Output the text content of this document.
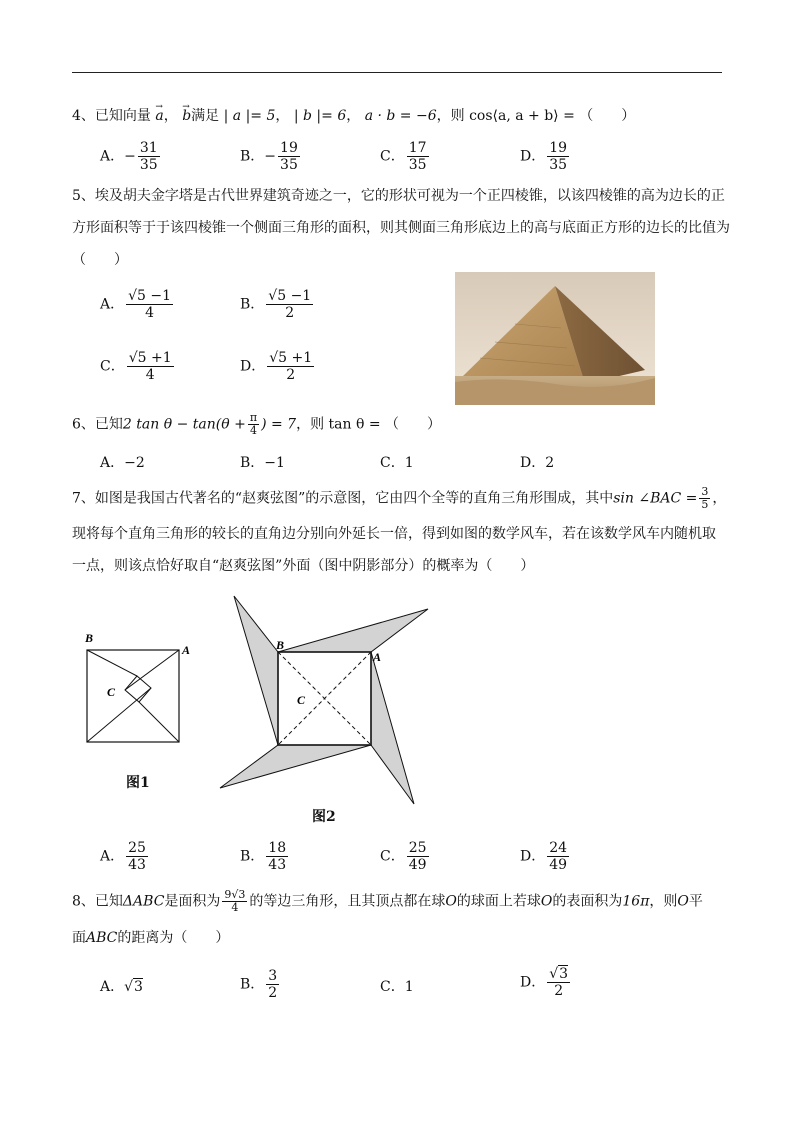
4、已知向量 → a， → b满足 | a |= 5， | b |= 6， a · b = −6，则 cos⟨a, a + b⟩ = （　　）
A．− $\frac{31}{35}$	B．− $\frac{19}{35}$	C． $\frac{17}{35}$	D． $\frac{19}{35}$
5、埃及胡夫金字塔是古代世界建筑奇迹之一，它的形状可视为一个正四棱锥，以该四棱锥的高为边长的正
方形面积等于于该四棱锥一个侧面三角形的面积，则其侧面三角形底边上的高与底面正方形的边长的比值为
（　　）
A． $\frac{√5 -1}{4}$	B． $\frac{√5 -1}{2}$
C． $\frac{√5 +1}{4}$	D． $\frac{√5 +1}{2}$
6、已知2 $\tan \theta - \tan(\theta + \frac{\pi}{4}$ ) = 7，则 tan θ = （　　）
A．−2	B．−1	C．1	D．2
7、如图是我国古代著名的“赵爽弦图”的示意图，它由四个全等的直角三角形围成，其中sin ∠BAC = $\frac{3}{5}$ ，
现将每个直角三角形的较长的直角边分别向外延长一倍，得到如图的数学风车，若在该数学风车内随机取
一点，则该点恰好取自“赵爽弦图”外面（图中阴影部分）的概率为（　　）
B
A
C
图1
B
A
C
图2
A． $\frac{25}{43}$	B． $\frac{18}{43}$	C． $\frac{25}{49}$	D． $\frac{24}{49}$
8、已知ΔABC是面积为 $\frac{9√3}{4}$ 的等边三角形，且其顶点都在球O的球面上若球O的表面积为16π，则O平
面ABC的距离为（　　）
A．√3	B． $\frac{3}{2}$	C．1	D． $\frac{√3}{2}$
